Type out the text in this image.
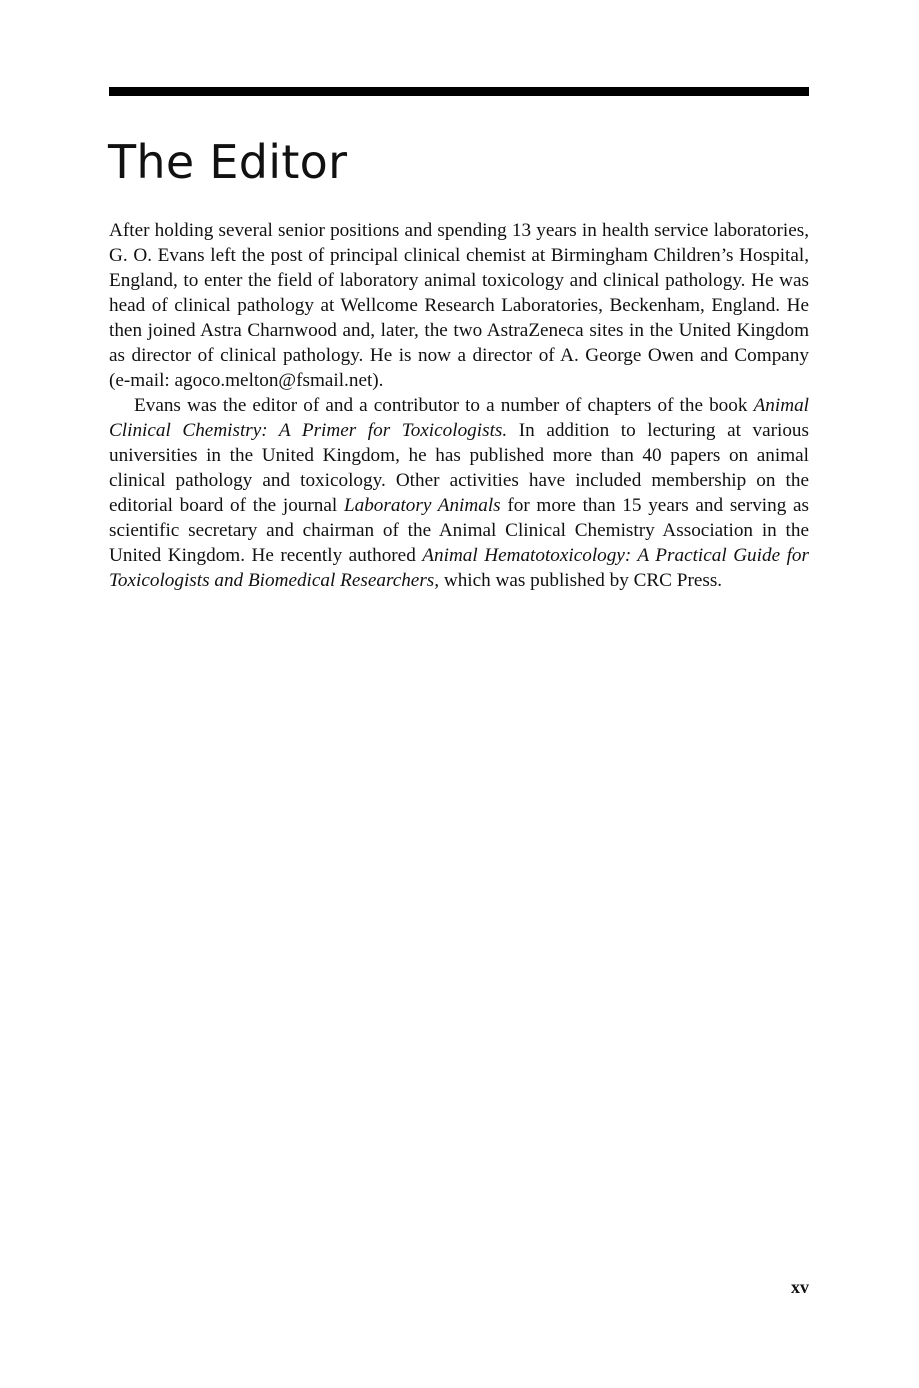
The Editor

After holding several senior positions and spending 13 years in health service laboratories, G. O. Evans left the post of principal clinical chemist at Birmingham Children’s Hospital, England, to enter the field of laboratory animal toxicology and clinical pathology. He was head of clinical pathology at Wellcome Research Laboratories, Beckenham, England. He then joined Astra Charnwood and, later, the two AstraZeneca sites in the United Kingdom as director of clinical pathology. He is now a director of A. George Owen and Company (e-mail: agoco.melton@fsmail.net).

Evans was the editor of and a contributor to a number of chapters of the book Animal Clinical Chemistry: A Primer for Toxicologists. In addition to lecturing at various universities in the United Kingdom, he has published more than 40 papers on animal clinical pathology and toxicology. Other activities have included membership on the editorial board of the journal Laboratory Animals for more than 15 years and serving as scientific secretary and chairman of the Animal Clinical Chemistry Association in the United Kingdom. He recently authored Animal Hematotoxicology: A Practical Guide for Toxicologists and Biomedical Researchers, which was published by CRC Press.

xv
